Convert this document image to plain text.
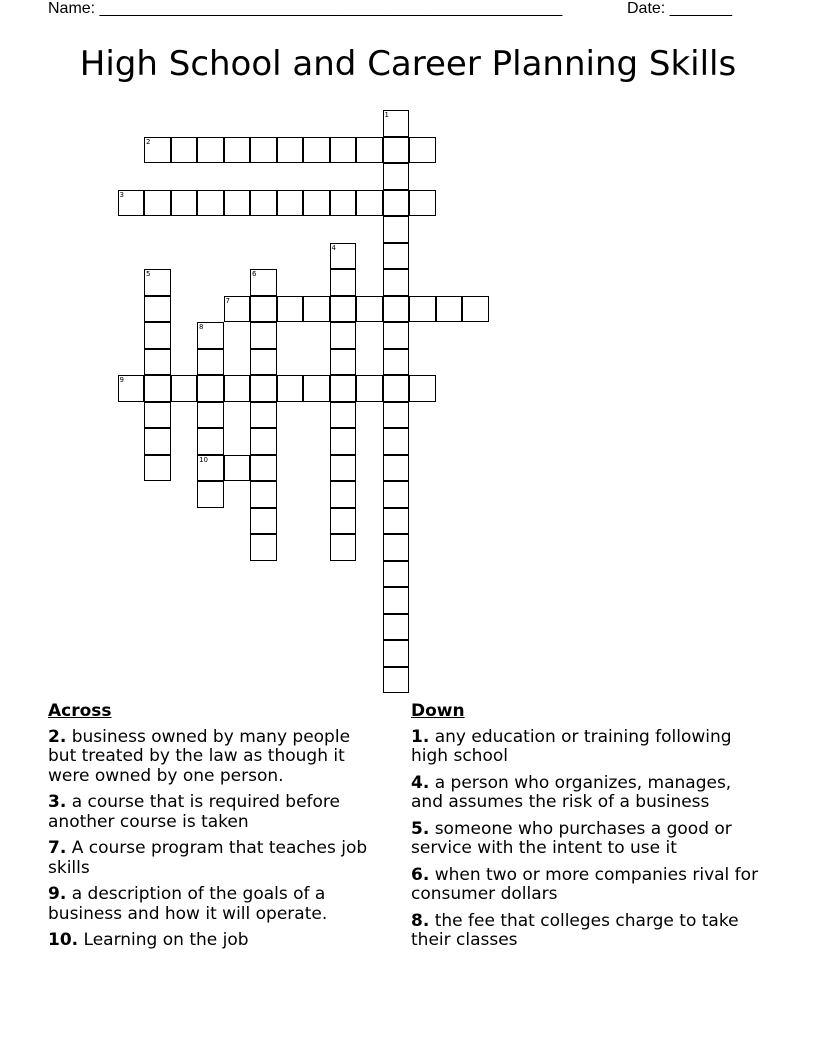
Name: ____________________________________________________	Date: _______
High School and Career Planning Skills
1
2
3
4
5	6
7
8
10
9
Across
2. business owned by many people but treated by the law as though it were owned by one person.
3. a course that is required before another course is taken
7. A course program that teaches job skills
9. a description of the goals of a business and how it will operate.
10. Learning on the job
Down
1. any education or training following high school
4. a person who organizes, manages, and assumes the risk of a business
5. someone who purchases a good or service with the intent to use it
6. when two or more companies rival for consumer dollars
8. the fee that colleges charge to take their classes
